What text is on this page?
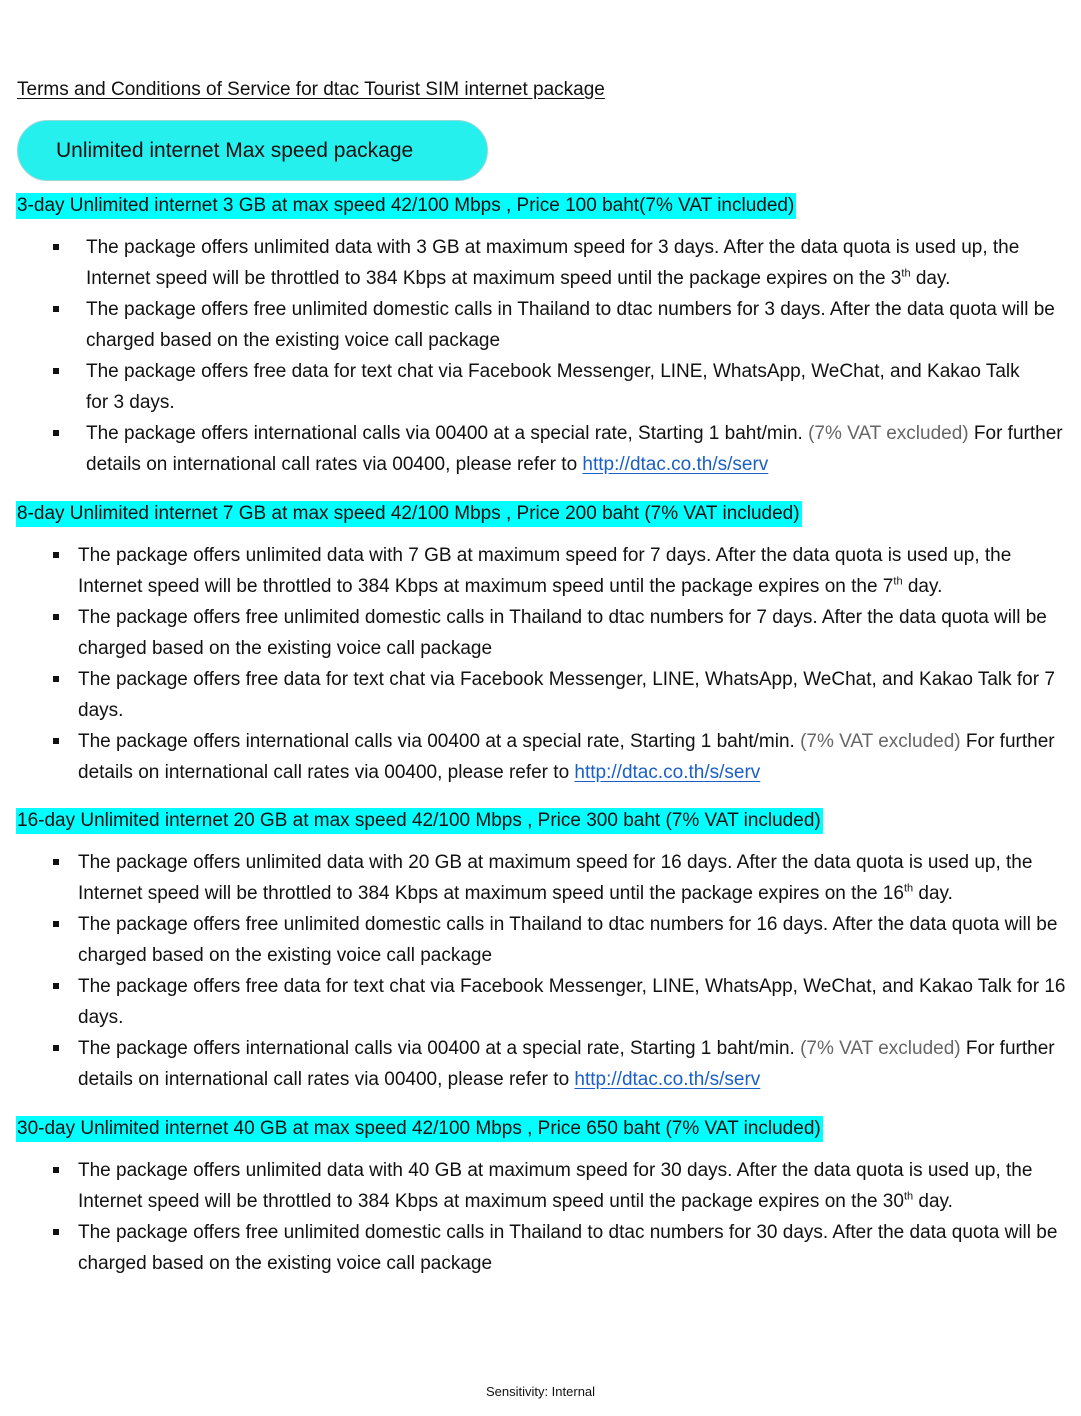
Terms and Conditions of Service for dtac Tourist SIM internet package
Unlimited internet Max speed package
3-day Unlimited internet 3 GB at max speed 42/100 Mbps , Price 100 baht(7% VAT included)
The package offers unlimited data with 3 GB at maximum speed for 3 days. After the data quota is used up, the Internet speed will be throttled to 384 Kbps at maximum speed until the package expires on the 3th day.
The package offers free unlimited domestic calls in Thailand to dtac numbers for 3 days. After the data quota will be charged based on the existing voice call package
The package offers free data for text chat via Facebook Messenger, LINE, WhatsApp, WeChat, and Kakao Talk for 3 days.
The package offers international calls via 00400 at a special rate, Starting 1 baht/min. (7% VAT excluded) For further details on international call rates via 00400, please refer to http://dtac.co.th/s/serv
8-day Unlimited internet 7 GB at max speed 42/100 Mbps , Price 200 baht (7% VAT included)
The package offers unlimited data with 7 GB at maximum speed for 7 days. After the data quota is used up, the Internet speed will be throttled to 384 Kbps at maximum speed until the package expires on the 7th day.
The package offers free unlimited domestic calls in Thailand to dtac numbers for 7 days. After the data quota will be charged based on the existing voice call package
The package offers free data for text chat via Facebook Messenger, LINE, WhatsApp, WeChat, and Kakao Talk for 7 days.
The package offers international calls via 00400 at a special rate, Starting 1 baht/min. (7% VAT excluded) For further details on international call rates via 00400, please refer to http://dtac.co.th/s/serv
16-day Unlimited internet 20 GB at max speed 42/100 Mbps , Price 300 baht (7% VAT included)
The package offers unlimited data with 20 GB at maximum speed for 16 days. After the data quota is used up, the Internet speed will be throttled to 384 Kbps at maximum speed until the package expires on the 16th day.
The package offers free unlimited domestic calls in Thailand to dtac numbers for 16 days. After the data quota will be charged based on the existing voice call package
The package offers free data for text chat via Facebook Messenger, LINE, WhatsApp, WeChat, and Kakao Talk for 16 days.
The package offers international calls via 00400 at a special rate, Starting 1 baht/min. (7% VAT excluded) For further details on international call rates via 00400, please refer to http://dtac.co.th/s/serv
30-day Unlimited internet 40 GB at max speed 42/100 Mbps , Price 650 baht (7% VAT included)
The package offers unlimited data with 40 GB at maximum speed for 30 days. After the data quota is used up, the Internet speed will be throttled to 384 Kbps at maximum speed until the package expires on the 30th day.
The package offers free unlimited domestic calls in Thailand to dtac numbers for 30 days. After the data quota will be charged based on the existing voice call package
Sensitivity: Internal
